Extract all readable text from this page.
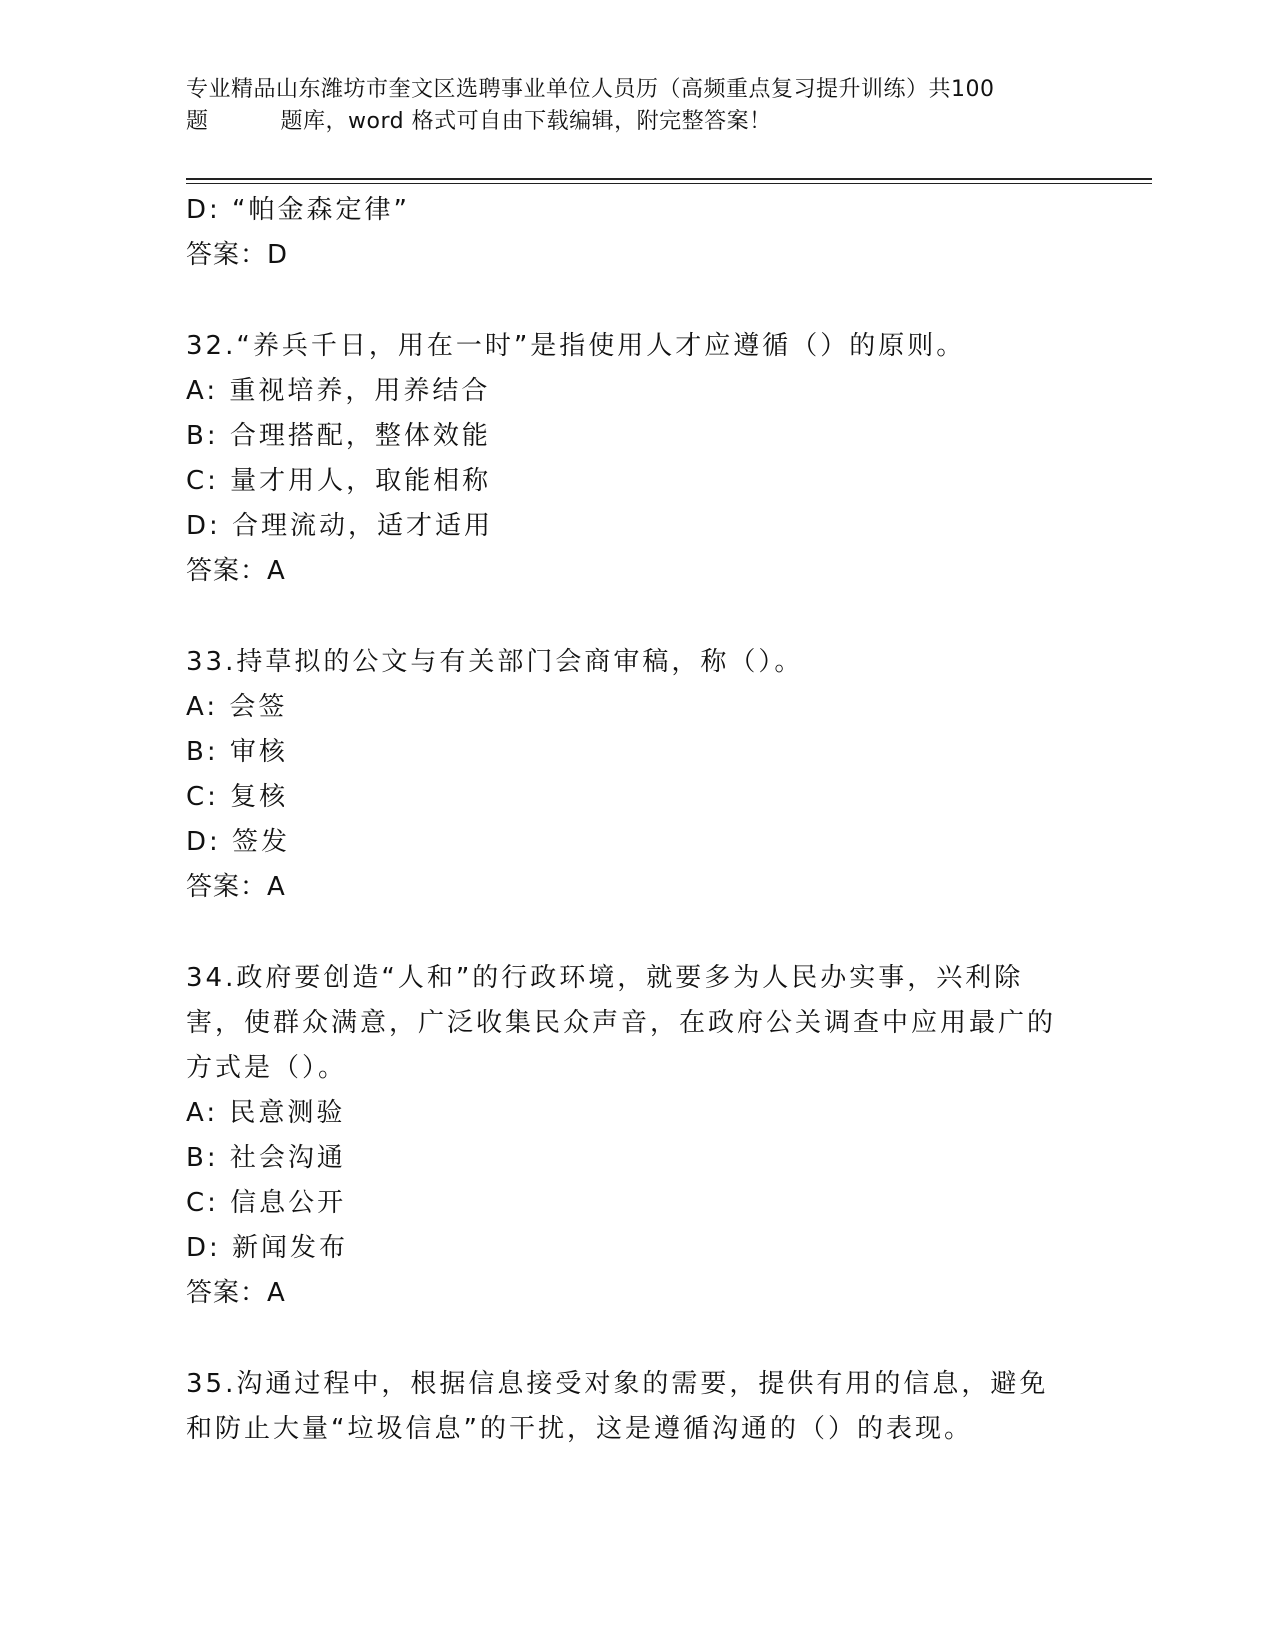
专业精品山东潍坊市奎文区选聘事业单位人员历（高频重点复习提升训练）共100
题	题库，word 格式可自由下载编辑，附完整答案！
D: “帕金森定律”
答案：D
32.“养兵千日，用在一时”是指使用人才应遵循（）的原则。
A: 重视培养，用养结合
B: 合理搭配，整体效能
C: 量才用人，取能相称
D: 合理流动，适才适用
答案：A
33.持草拟的公文与有关部门会商审稿，称（）。
A: 会签
B: 审核
C: 复核
D: 签发
答案：A
34.政府要创造“人和”的行政环境，就要多为人民办实事，兴利除害，使群众满意，广泛收集民众声音，在政府公关调查中应用最广的方式是（）。
A: 民意测验
B: 社会沟通
C: 信息公开
D: 新闻发布
答案：A
35.沟通过程中，根据信息接受对象的需要，提供有用的信息，避免和防止大量“垃圾信息”的干扰，这是遵循沟通的（）的表现。
